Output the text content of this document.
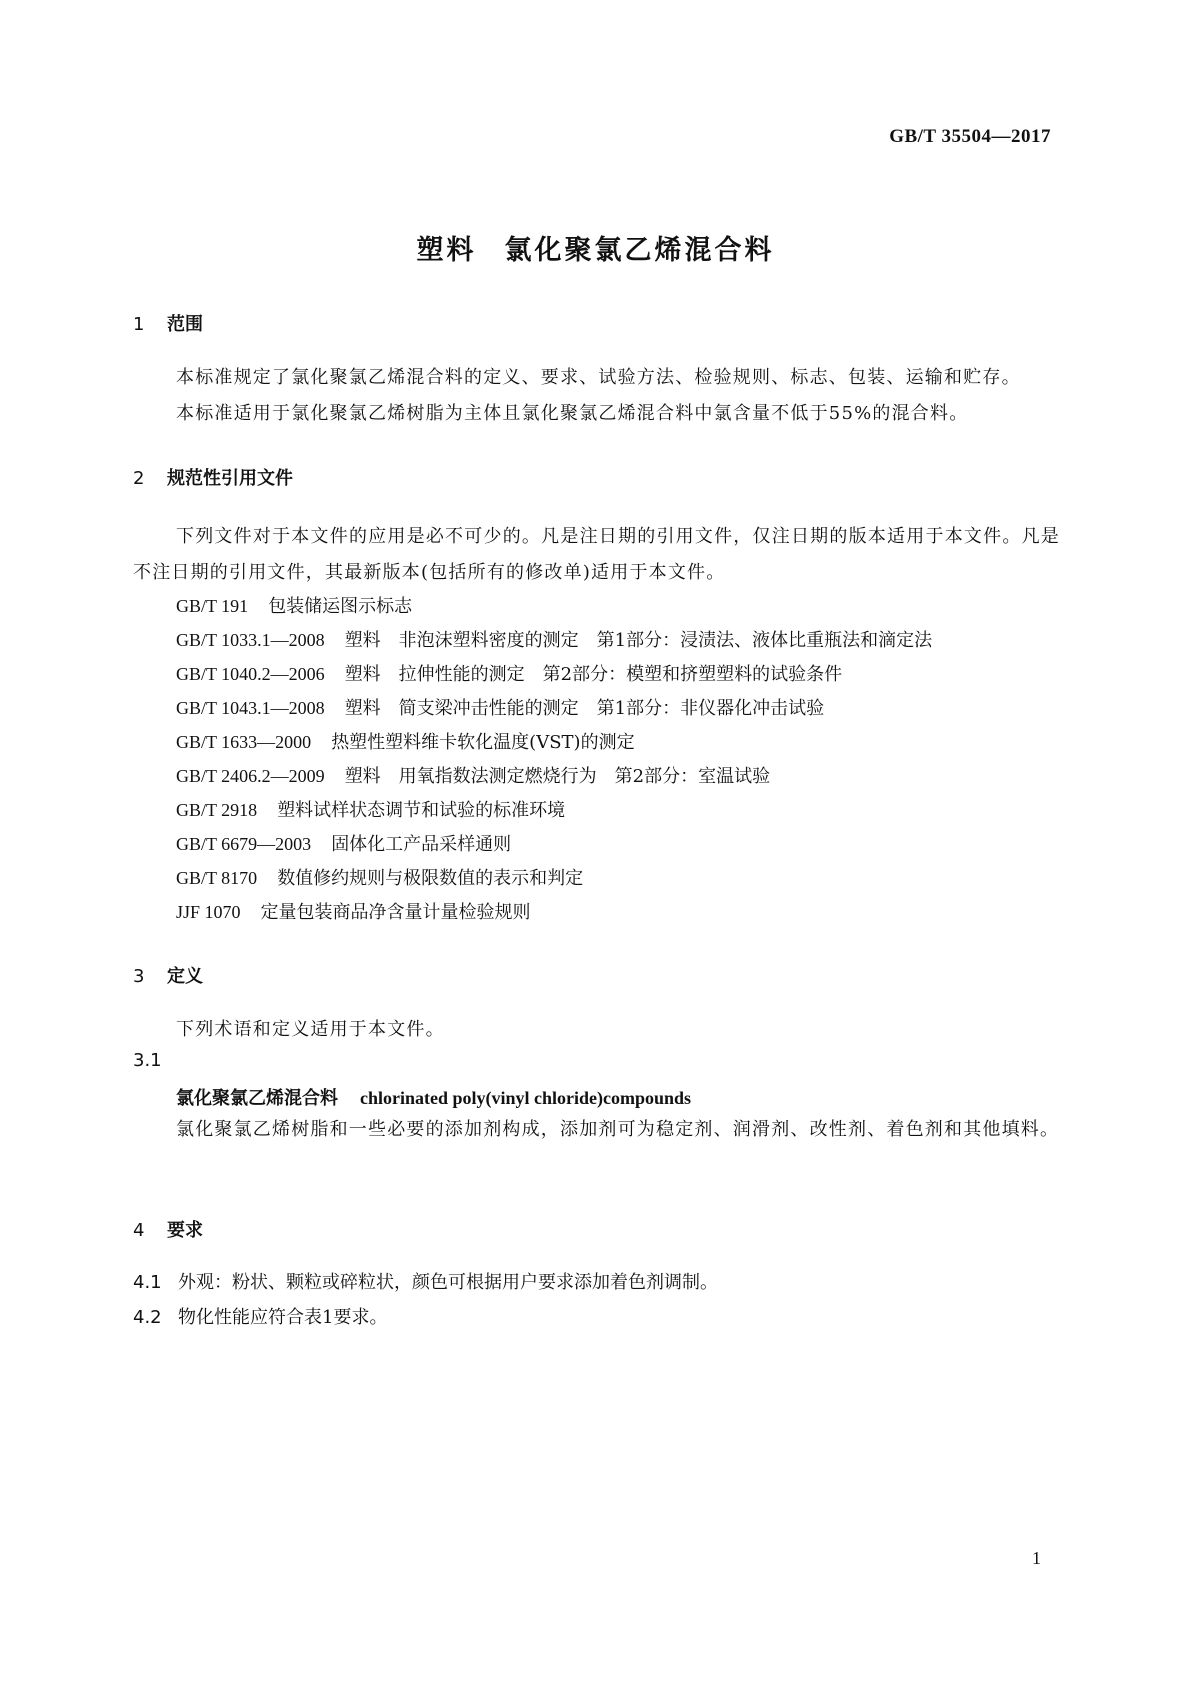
GB/T 35504—2017
塑料 氯化聚氯乙烯混合料
1 范围
本标准规定了氯化聚氯乙烯混合料的定义、要求、试验方法、检验规则、标志、包装、运输和贮存。
本标准适用于氯化聚氯乙烯树脂为主体且氯化聚氯乙烯混合料中氯含量不低于55%的混合料。
2 规范性引用文件
下列文件对于本文件的应用是必不可少的。凡是注日期的引用文件，仅注日期的版本适用于本文件。凡是不注日期的引用文件，其最新版本(包括所有的修改单)适用于本文件。
GB/T 191 包装储运图示标志
GB/T 1033.1—2008 塑料　非泡沫塑料密度的测定　第1部分：浸渍法、液体比重瓶法和滴定法
GB/T 1040.2—2006 塑料　拉伸性能的测定　第2部分：模塑和挤塑塑料的试验条件
GB/T 1043.1—2008 塑料　简支梁冲击性能的测定　第1部分：非仪器化冲击试验
GB/T 1633—2000 热塑性塑料维卡软化温度(VST)的测定
GB/T 2406.2—2009 塑料　用氧指数法测定燃烧行为　第2部分：室温试验
GB/T 2918 塑料试样状态调节和试验的标准环境
GB/T 6679—2003 固体化工产品采样通则
GB/T 8170 数值修约规则与极限数值的表示和判定
JJF 1070 定量包装商品净含量计量检验规则
3 定义
下列术语和定义适用于本文件。
3.1
氯化聚氯乙烯混合料 chlorinated poly(vinyl chloride)compounds
氯化聚氯乙烯树脂和一些必要的添加剂构成，添加剂可为稳定剂、润滑剂、改性剂、着色剂和其他填料。
4 要求
4.1 外观：粉状、颗粒或碎粒状，颜色可根据用户要求添加着色剂调制。
4.2 物化性能应符合表1要求。
1
